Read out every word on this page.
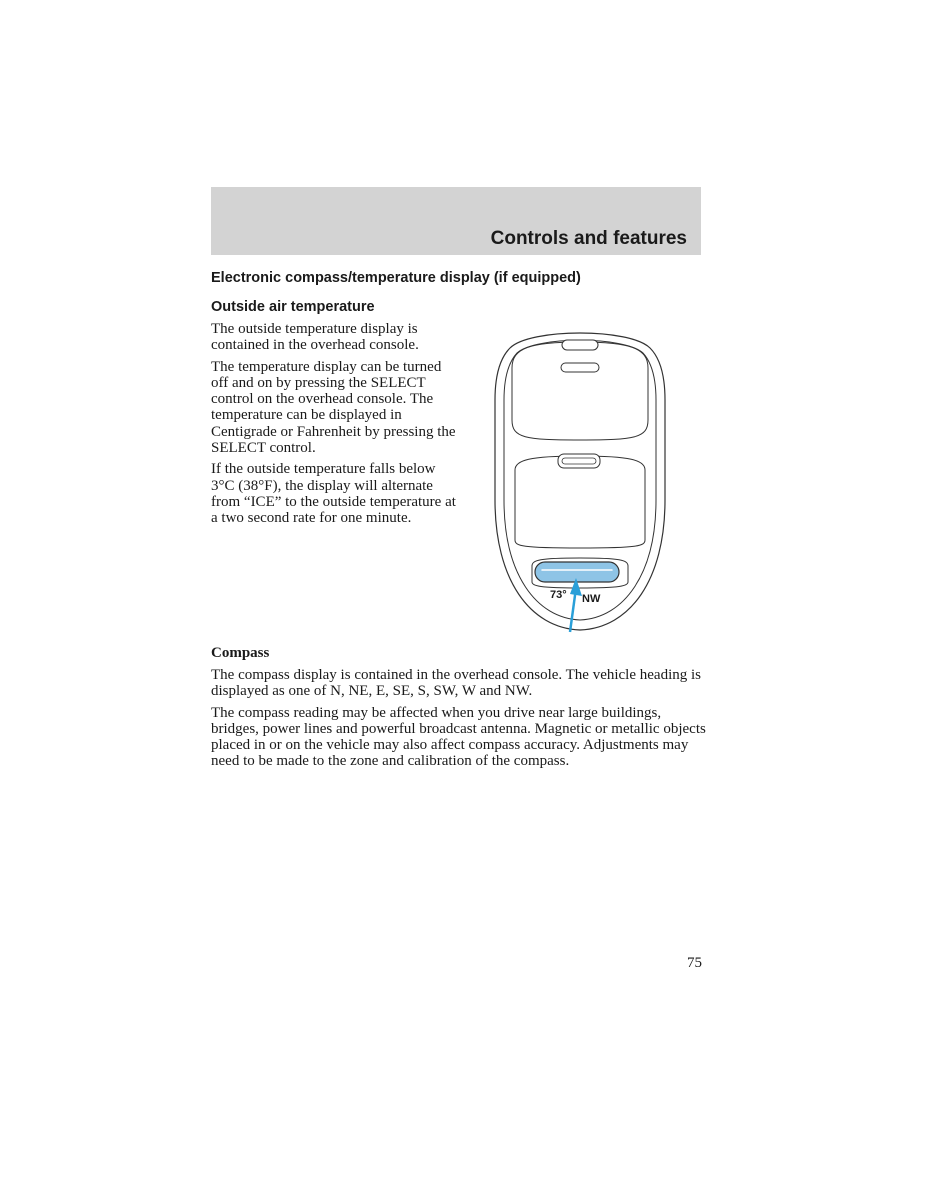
Controls and features
Electronic compass/temperature display (if equipped)
Outside air temperature

The outside temperature display is contained in the overhead console.

The temperature display can be turned off and on by pressing the SELECT control on the overhead console. The temperature can be displayed in Centigrade or Fahrenheit by pressing the SELECT control.

If the outside temperature falls below 3°C (38°F), the display will alternate from “ICE” to the outside temperature at a two second rate for one minute.

73° NW
Compass

The compass display is contained in the overhead console. The vehicle heading is displayed as one of N, NE, E, SE, S, SW, W and NW.

The compass reading may be affected when you drive near large buildings, bridges, power lines and powerful broadcast antenna. Magnetic or metallic objects placed in or on the vehicle may also affect compass accuracy. Adjustments may need to be made to the zone and calibration of the compass.

75
